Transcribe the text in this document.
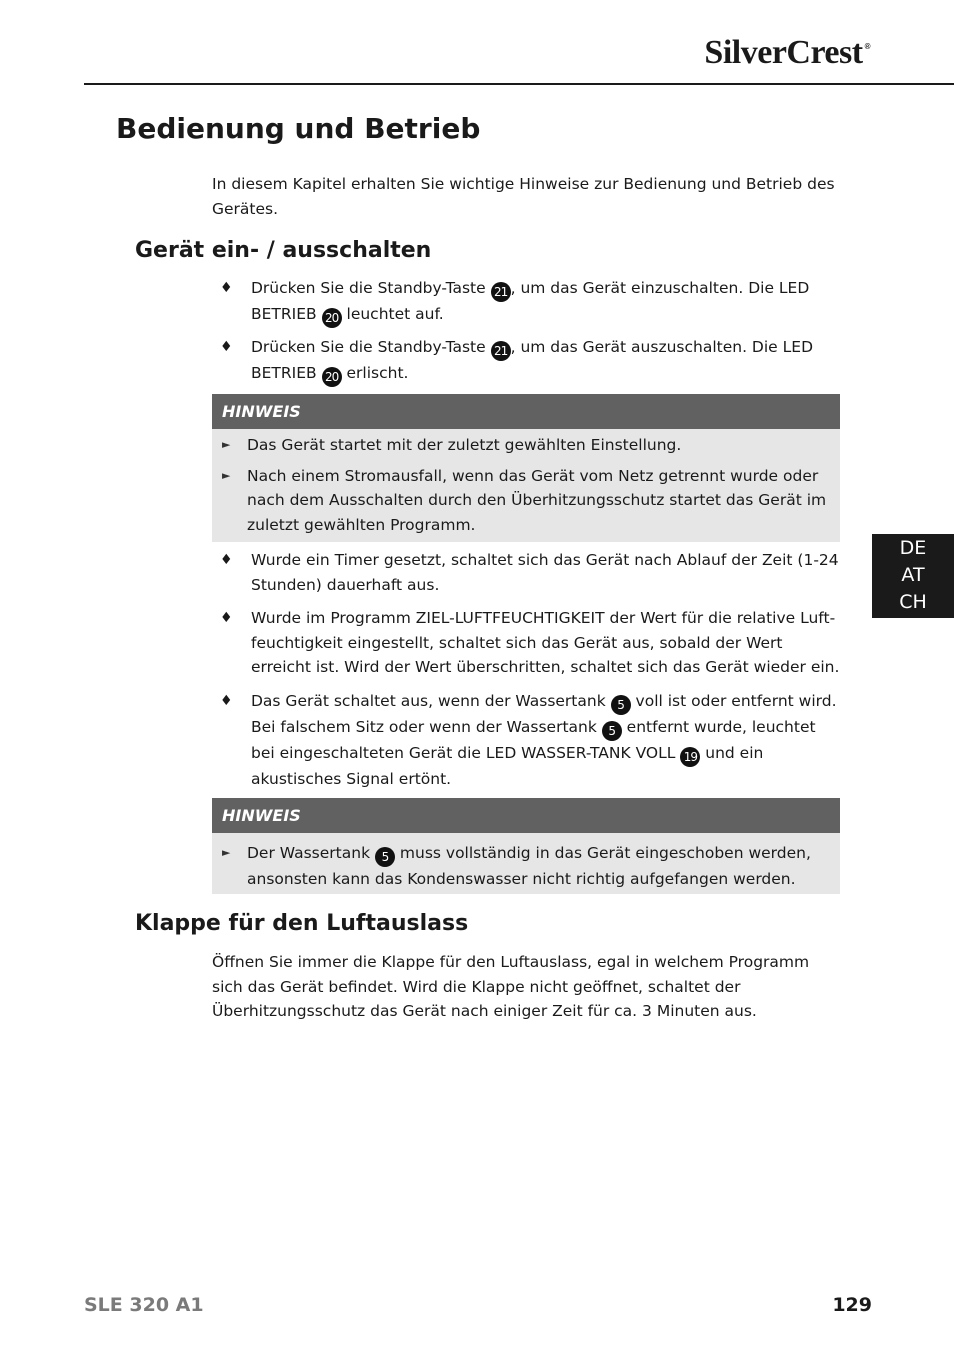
SilverCrest ®
Bedienung und Betrieb
In diesem Kapitel erhalten Sie wichtige Hinweise zur Bedienung und Betrieb des Gerätes.
Gerät ein- / ausschalten
♦ Drücken Sie die Standby-Taste 21 , um das Gerät einzuschalten. Die LED BETRIEB 20 leuchtet auf.
♦ Drücken Sie die Standby-Taste 21 , um das Gerät auszuschalten. Die LED BETRIEB 20 erlischt.
HINWEIS
► Das Gerät startet mit der zuletzt gewählten Einstellung.
► Nach einem Stromausfall, wenn das Gerät vom Netz getrennt wurde oder nach dem Ausschalten durch den Überhitzungsschutz startet das Gerät im zuletzt gewählten Programm.
♦ Wurde ein Timer gesetzt, schaltet sich das Gerät nach Ablauf der Zeit (1-24 Stunden) dauerhaft aus.
♦ Wurde im Programm ZIEL-LUFTFEUCHTIGKEIT der Wert für die relative Luftfeuchtigkeit eingestellt, schaltet sich das Gerät aus, sobald der Wert erreicht ist. Wird der Wert überschritten, schaltet sich das Gerät wieder ein.
♦ Das Gerät schaltet aus, wenn der Wassertank 5 voll ist oder entfernt wird. Bei falschem Sitz oder wenn der Wassertank 5 entfernt wurde, leuchtet bei eingeschalteten Gerät die LED WASSER-TANK VOLL 19 und ein akustisches Signal ertönt.
HINWEIS
► Der Wassertank 5 muss vollständig in das Gerät eingeschoben werden, ansonsten kann das Kondenswasser nicht richtig aufgefangen werden.
Klappe für den Luftauslass
Öffnen Sie immer die Klappe für den Luftauslass, egal in welchem Programm sich das Gerät befindet. Wird die Klappe nicht geöffnet, schaltet der Überhitzungsschutz das Gerät nach einiger Zeit für ca. 3 Minuten aus.
DE
AT
CH
SLE 320 A1	129
